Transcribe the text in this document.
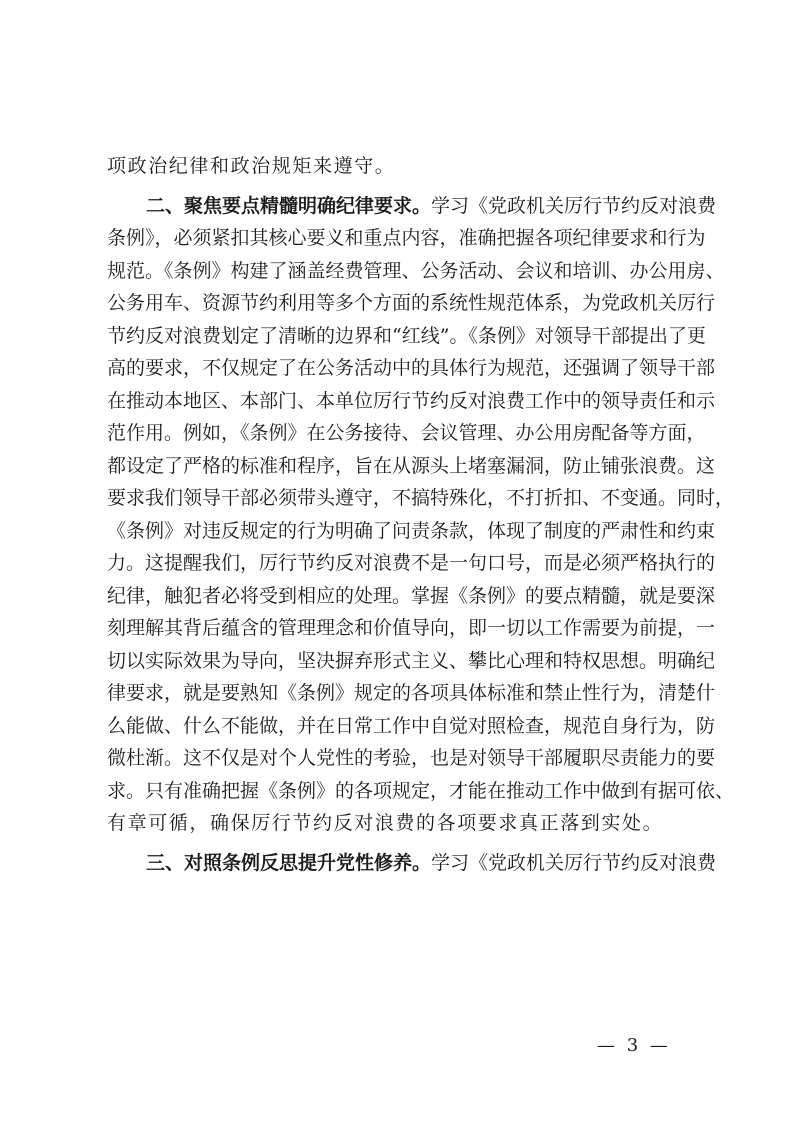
项政治纪律和政治规矩来遵守。
二、聚焦要点精髓明确纪律要求。学习《党政机关厉行节约反对浪费
条例》，必须紧扣其核心要义和重点内容，准确把握各项纪律要求和行为
规范。《条例》构建了涵盖经费管理、公务活动、会议和培训、办公用房、
公务用车、资源节约利用等多个方面的系统性规范体系，为党政机关厉行
节约反对浪费划定了清晰的边界和“红线”。《条例》对领导干部提出了更
高的要求，不仅规定了在公务活动中的具体行为规范，还强调了领导干部
在推动本地区、本部门、本单位厉行节约反对浪费工作中的领导责任和示
范作用。例如，《条例》在公务接待、会议管理、办公用房配备等方面，
都设定了严格的标准和程序，旨在从源头上堵塞漏洞，防止铺张浪费。这
要求我们领导干部必须带头遵守，不搞特殊化，不打折扣、不变通。同时，
《条例》对违反规定的行为明确了问责条款，体现了制度的严肃性和约束
力。这提醒我们，厉行节约反对浪费不是一句口号，而是必须严格执行的
纪律，触犯者必将受到相应的处理。掌握《条例》的要点精髓，就是要深
刻理解其背后蕴含的管理理念和价值导向，即一切以工作需要为前提，一
切以实际效果为导向，坚决摒弃形式主义、攀比心理和特权思想。明确纪
律要求，就是要熟知《条例》规定的各项具体标准和禁止性行为，清楚什
么能做、什么不能做，并在日常工作中自觉对照检查，规范自身行为，防
微杜渐。这不仅是对个人党性的考验，也是对领导干部履职尽责能力的要
求。只有准确把握《条例》的各项规定，才能在推动工作中做到有据可依、
有章可循，确保厉行节约反对浪费的各项要求真正落到实处。
三、对照条例反思提升党性修养。学习《党政机关厉行节约反对浪费
— 3 —
